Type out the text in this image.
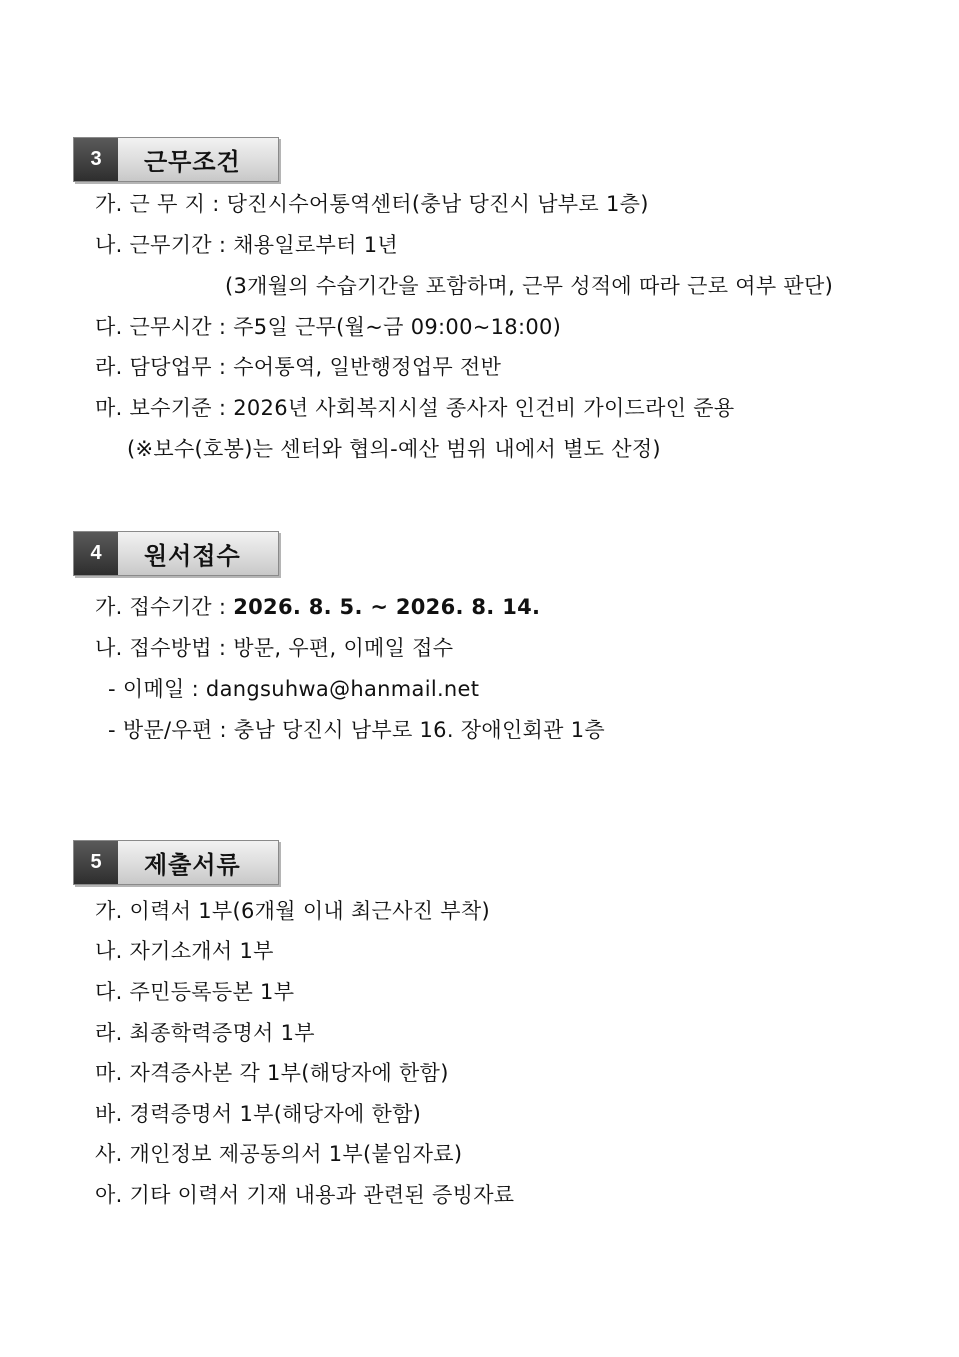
3	근무조건
가. 근 무 지 : 당진시수어통역센터(충남 당진시 남부로 1층)
나. 근무기간 : 채용일로부터 1년
(3개월의 수습기간을 포함하며, 근무 성적에 따라 근로 여부 판단)
다. 근무시간 : 주5일 근무(월~금 09:00~18:00)
라. 담당업무 : 수어통역, 일반행정업무 전반
마. 보수기준 : 2026년 사회복지시설 종사자 인건비 가이드라인 준용
(※보수(호봉)는 센터와 협의-예산 범위 내에서 별도 산정)
4	원서접수
가. 접수기간 : 2026. 8. 5. ~ 2026. 8. 14.
나. 접수방법 : 방문, 우편, 이메일 접수
- 이메일 : dangsuhwa@hanmail.net
- 방문/우편 : 충남 당진시 남부로 16. 장애인회관 1층
5	제출서류
가. 이력서 1부(6개월 이내 최근사진 부착)
나. 자기소개서 1부
다. 주민등록등본 1부
라. 최종학력증명서 1부
마. 자격증사본 각 1부(해당자에 한함)
바. 경력증명서 1부(해당자에 한함)
사. 개인정보 제공동의서 1부(붙임자료)
아. 기타 이력서 기재 내용과 관련된 증빙자료
